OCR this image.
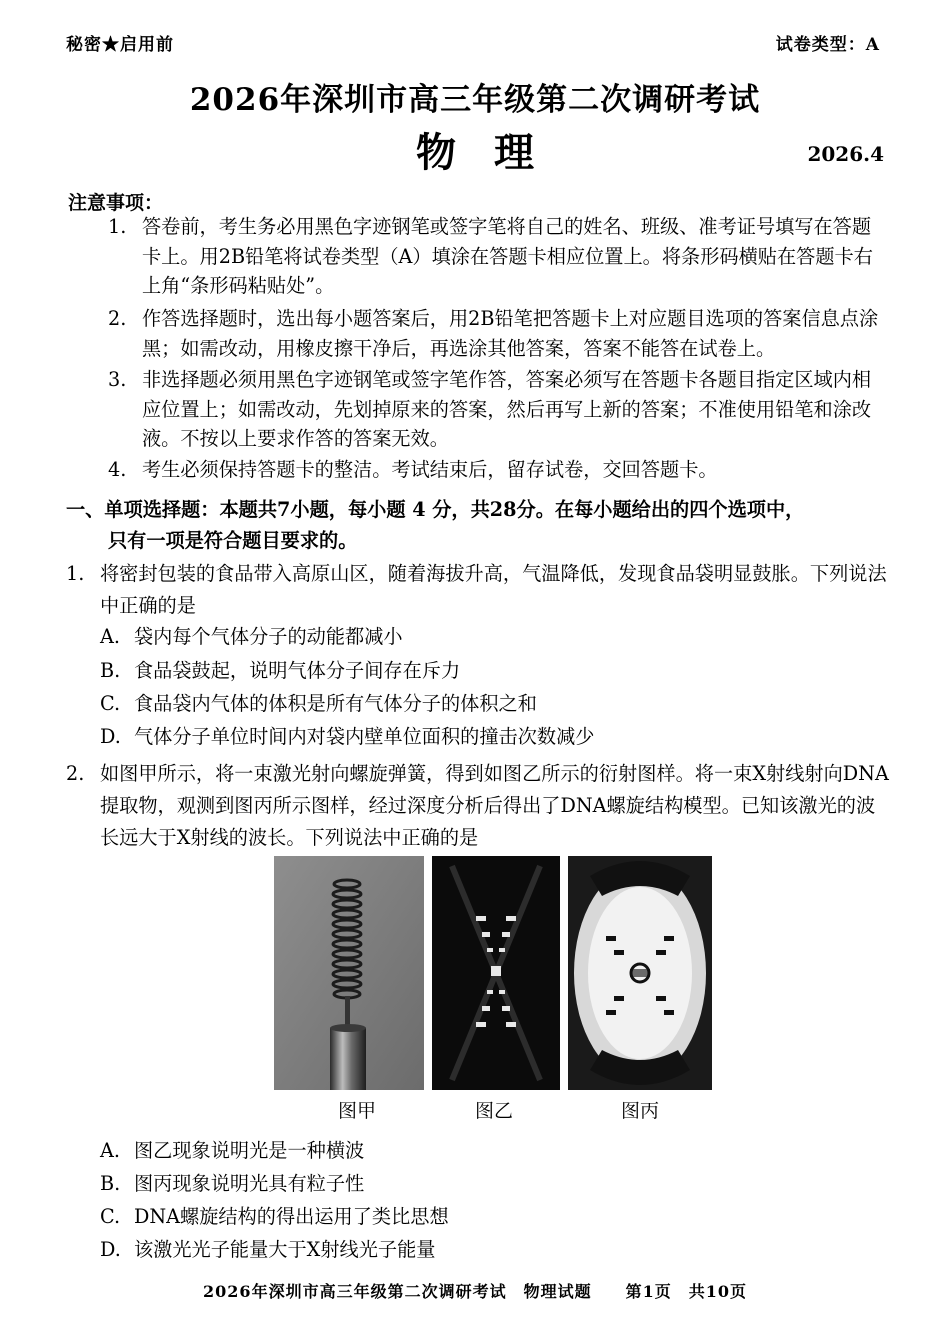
秘密★启用前	试卷类型：A
2026年深圳市高三年级第二次调研考试
物理	2026.4
注意事项：
1. 答卷前，考生务必用黑色字迹钢笔或签字笔将自己的姓名、班级、准考证号填写在答题卡上。用2B铅笔将试卷类型（A）填涂在答题卡相应位置上。将条形码横贴在答题卡右上角“条形码粘贴处”。
2. 作答选择题时，选出每小题答案后，用2B铅笔把答题卡上对应题目选项的答案信息点涂黑；如需改动，用橡皮擦干净后，再选涂其他答案，答案不能答在试卷上。
3. 非选择题必须用黑色字迹钢笔或签字笔作答，答案必须写在答题卡各题目指定区域内相应位置上；如需改动，先划掉原来的答案，然后再写上新的答案；不准使用铅笔和涂改液。不按以上要求作答的答案无效。
4. 考生必须保持答题卡的整洁。考试结束后，留存试卷，交回答题卡。
一、单项选择题：本题共7小题，每小题 4 分，共28分。在每小题给出的四个选项中，
只有一项是符合题目要求的。
1. 将密封包装的食品带入高原山区，随着海拔升高，气温降低，发现食品袋明显鼓胀。下列说法中正确的是
A. 袋内每个气体分子的动能都减小
B. 食品袋鼓起，说明气体分子间存在斥力
C. 食品袋内气体的体积是所有气体分子的体积之和
D. 气体分子单位时间内对袋内壁单位面积的撞击次数减少
2. 如图甲所示，将一束激光射向螺旋弹簧，得到如图乙所示的衍射图样。将一束X射线射向DNA提取物，观测到图丙所示图样，经过深度分析后得出了DNA螺旋结构模型。已知该激光的波长远大于X射线的波长。下列说法中正确的是
图甲	图乙	图丙
A. 图乙现象说明光是一种横波
B. 图丙现象说明光具有粒子性
C. DNA螺旋结构的得出运用了类比思想
D. 该激光光子能量大于X射线光子能量
2026年深圳市高三年级第二次调研考试　物理试题　　第1页　共10页
